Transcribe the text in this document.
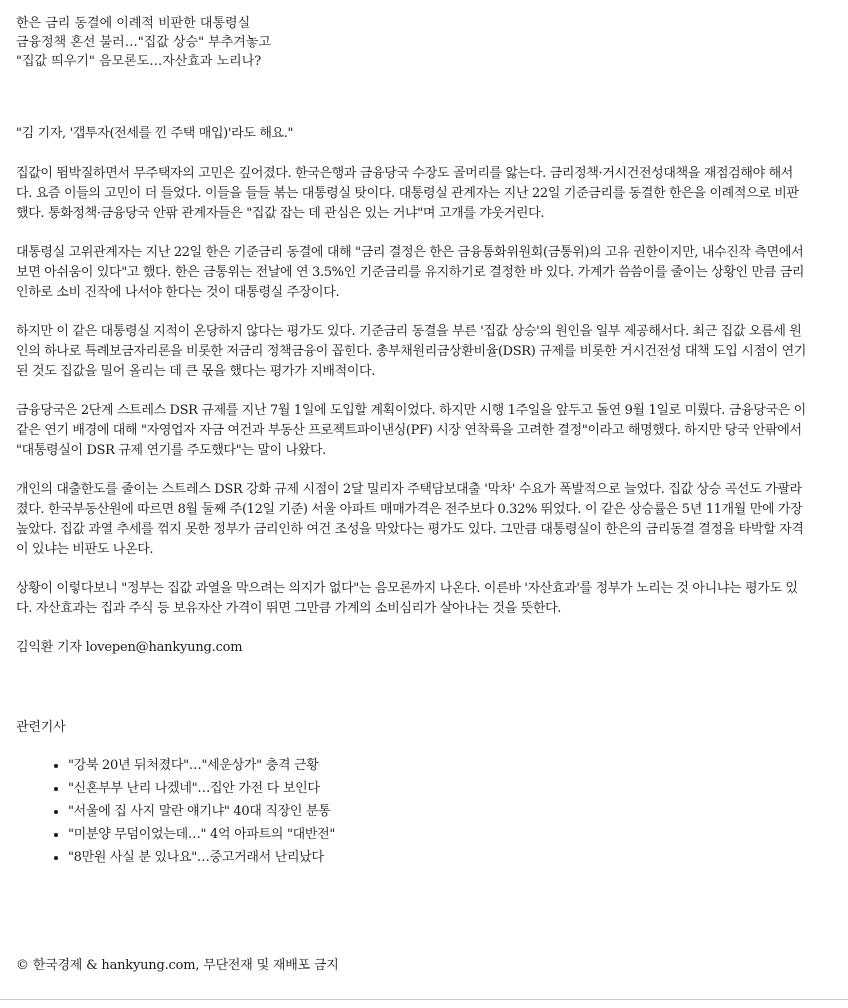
한은 금리 동결에 이례적 비판한 대통령실
금융정책 혼선 불러…"집값 상승" 부추겨놓고
"집값 띄우기" 음모론도…자산효과 노리나?

"김 기자, '갭투자(전세를 낀 주택 매입)'라도 해요."

집값이 뜀박질하면서 무주택자의 고민은 깊어졌다. 한국은행과 금융당국 수장도 골머리를 앓는다. 금리정책·거시건전성대책을 재점검해야 해서다. 요즘 이들의 고민이 더 들었다. 이들을 들들 볶는 대통령실 탓이다. 대통령실 관계자는 지난 22일 기준금리를 동결한 한은을 이례적으로 비판했다. 통화정책·금융당국 안팎 관계자들은 "집값 잡는 데 관심은 있는 거냐"며 고개를 갸웃거린다.

대통령실 고위관계자는 지난 22일 한은 기준금리 동결에 대해 "금리 결정은 한은 금융통화위원회(금통위)의 고유 권한이지만, 내수진작 측면에서 보면 아쉬움이 있다"고 했다. 한은 금통위는 전날에 연 3.5%인 기준금리를 유지하기로 결정한 바 있다. 가계가 씀씀이를 줄이는 상황인 만큼 금리인하로 소비 진작에 나서야 한다는 것이 대통령실 주장이다.

하지만 이 같은 대통령실 지적이 온당하지 않다는 평가도 있다. 기준금리 동결을 부른 '집값 상승'의 원인을 일부 제공해서다. 최근 집값 오름세 원인의 하나로 특례보금자리론을 비롯한 저금리 정책금융이 꼽힌다. 총부채원리금상환비율(DSR) 규제를 비롯한 거시건전성 대책 도입 시점이 연기된 것도 집값을 밀어 올리는 데 큰 몫을 했다는 평가가 지배적이다.

금융당국은 2단계 스트레스 DSR 규제를 지난 7월 1일에 도입할 계획이었다. 하지만 시행 1주일을 앞두고 돌연 9월 1일로 미뤘다. 금융당국은 이 같은 연기 배경에 대해 "자영업자 자금 여건과 부동산 프로젝트파이낸싱(PF) 시장 연착륙을 고려한 결정"이라고 해명했다. 하지만 당국 안팎에서 "대통령실이 DSR 규제 연기를 주도했다"는 말이 나왔다.

개인의 대출한도를 줄이는 스트레스 DSR 강화 규제 시점이 2달 밀리자 주택담보대출 '막차' 수요가 폭발적으로 늘었다. 집값 상승 곡선도 가팔라졌다. 한국부동산원에 따르면 8월 둘째 주(12일 기준) 서울 아파트 매매가격은 전주보다 0.32% 뛰었다. 이 같은 상승률은 5년 11개월 만에 가장 높았다. 집값 과열 추세를 꺾지 못한 정부가 금리인하 여건 조성을 막았다는 평가도 있다. 그만큼 대통령실이 한은의 금리동결 결정을 타박할 자격이 있냐는 비판도 나온다.

상황이 이렇다보니 "정부는 집값 과열을 막으려는 의지가 없다"는 음모론까지 나온다. 이른바 '자산효과'를 정부가 노리는 것 아니냐는 평가도 있다. 자산효과는 집과 주식 등 보유자산 가격이 뛰면 그만큼 가계의 소비심리가 살아나는 것을 뜻한다.

김익환 기자 lovepen@hankyung.com

관련기사
• "강북 20년 뒤처졌다"…"세운상가" 충격 근황
• "신혼부부 난리 나겠네"…집안 가전 다 보인다
• "서울에 집 사지 말란 얘기냐" 40대 직장인 분통
• "미분양 무덤이었는데…" 4억 아파트의 "대반전"
• "8만원 사실 분 있나요"…중고거래서 난리났다
© 한국경제 & hankyung.com, 무단전재 및 재배포 금지
